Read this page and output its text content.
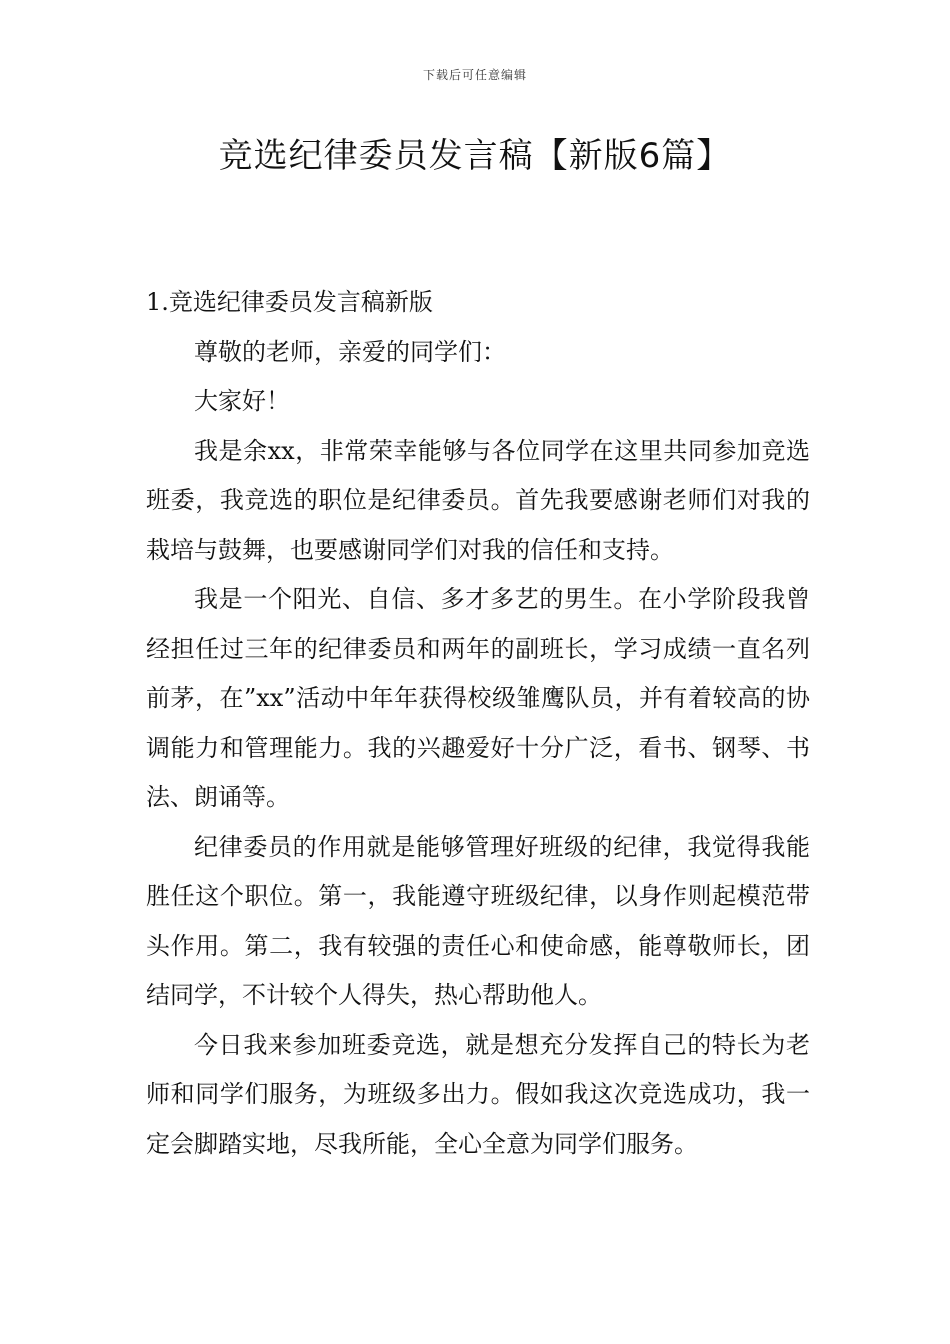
下载后可任意编辑
竞选纪律委员发言稿【新版6篇】

1.竞选纪律委员发言稿新版

尊敬的老师，亲爱的同学们：

大家好！

我是余xx，非常荣幸能够与各位同学在这里共同参加竞选班委，我竞选的职位是纪律委员。首先我要感谢老师们对我的栽培与鼓舞，也要感谢同学们对我的信任和支持。

我是一个阳光、自信、多才多艺的男生。在小学阶段我曾经担任过三年的纪律委员和两年的副班长，学习成绩一直名列前茅，在”xx”活动中年年获得校级雏鹰队员，并有着较高的协调能力和管理能力。我的兴趣爱好十分广泛，看书、钢琴、书法、朗诵等。

纪律委员的作用就是能够管理好班级的纪律，我觉得我能胜任这个职位。第一，我能遵守班级纪律，以身作则起模范带头作用。第二，我有较强的责任心和使命感，能尊敬师长，团结同学，不计较个人得失，热心帮助他人。

今日我来参加班委竞选，就是想充分发挥自己的特长为老师和同学们服务，为班级多出力。假如我这次竞选成功，我一定会脚踏实地，尽我所能，全心全意为同学们服务。
